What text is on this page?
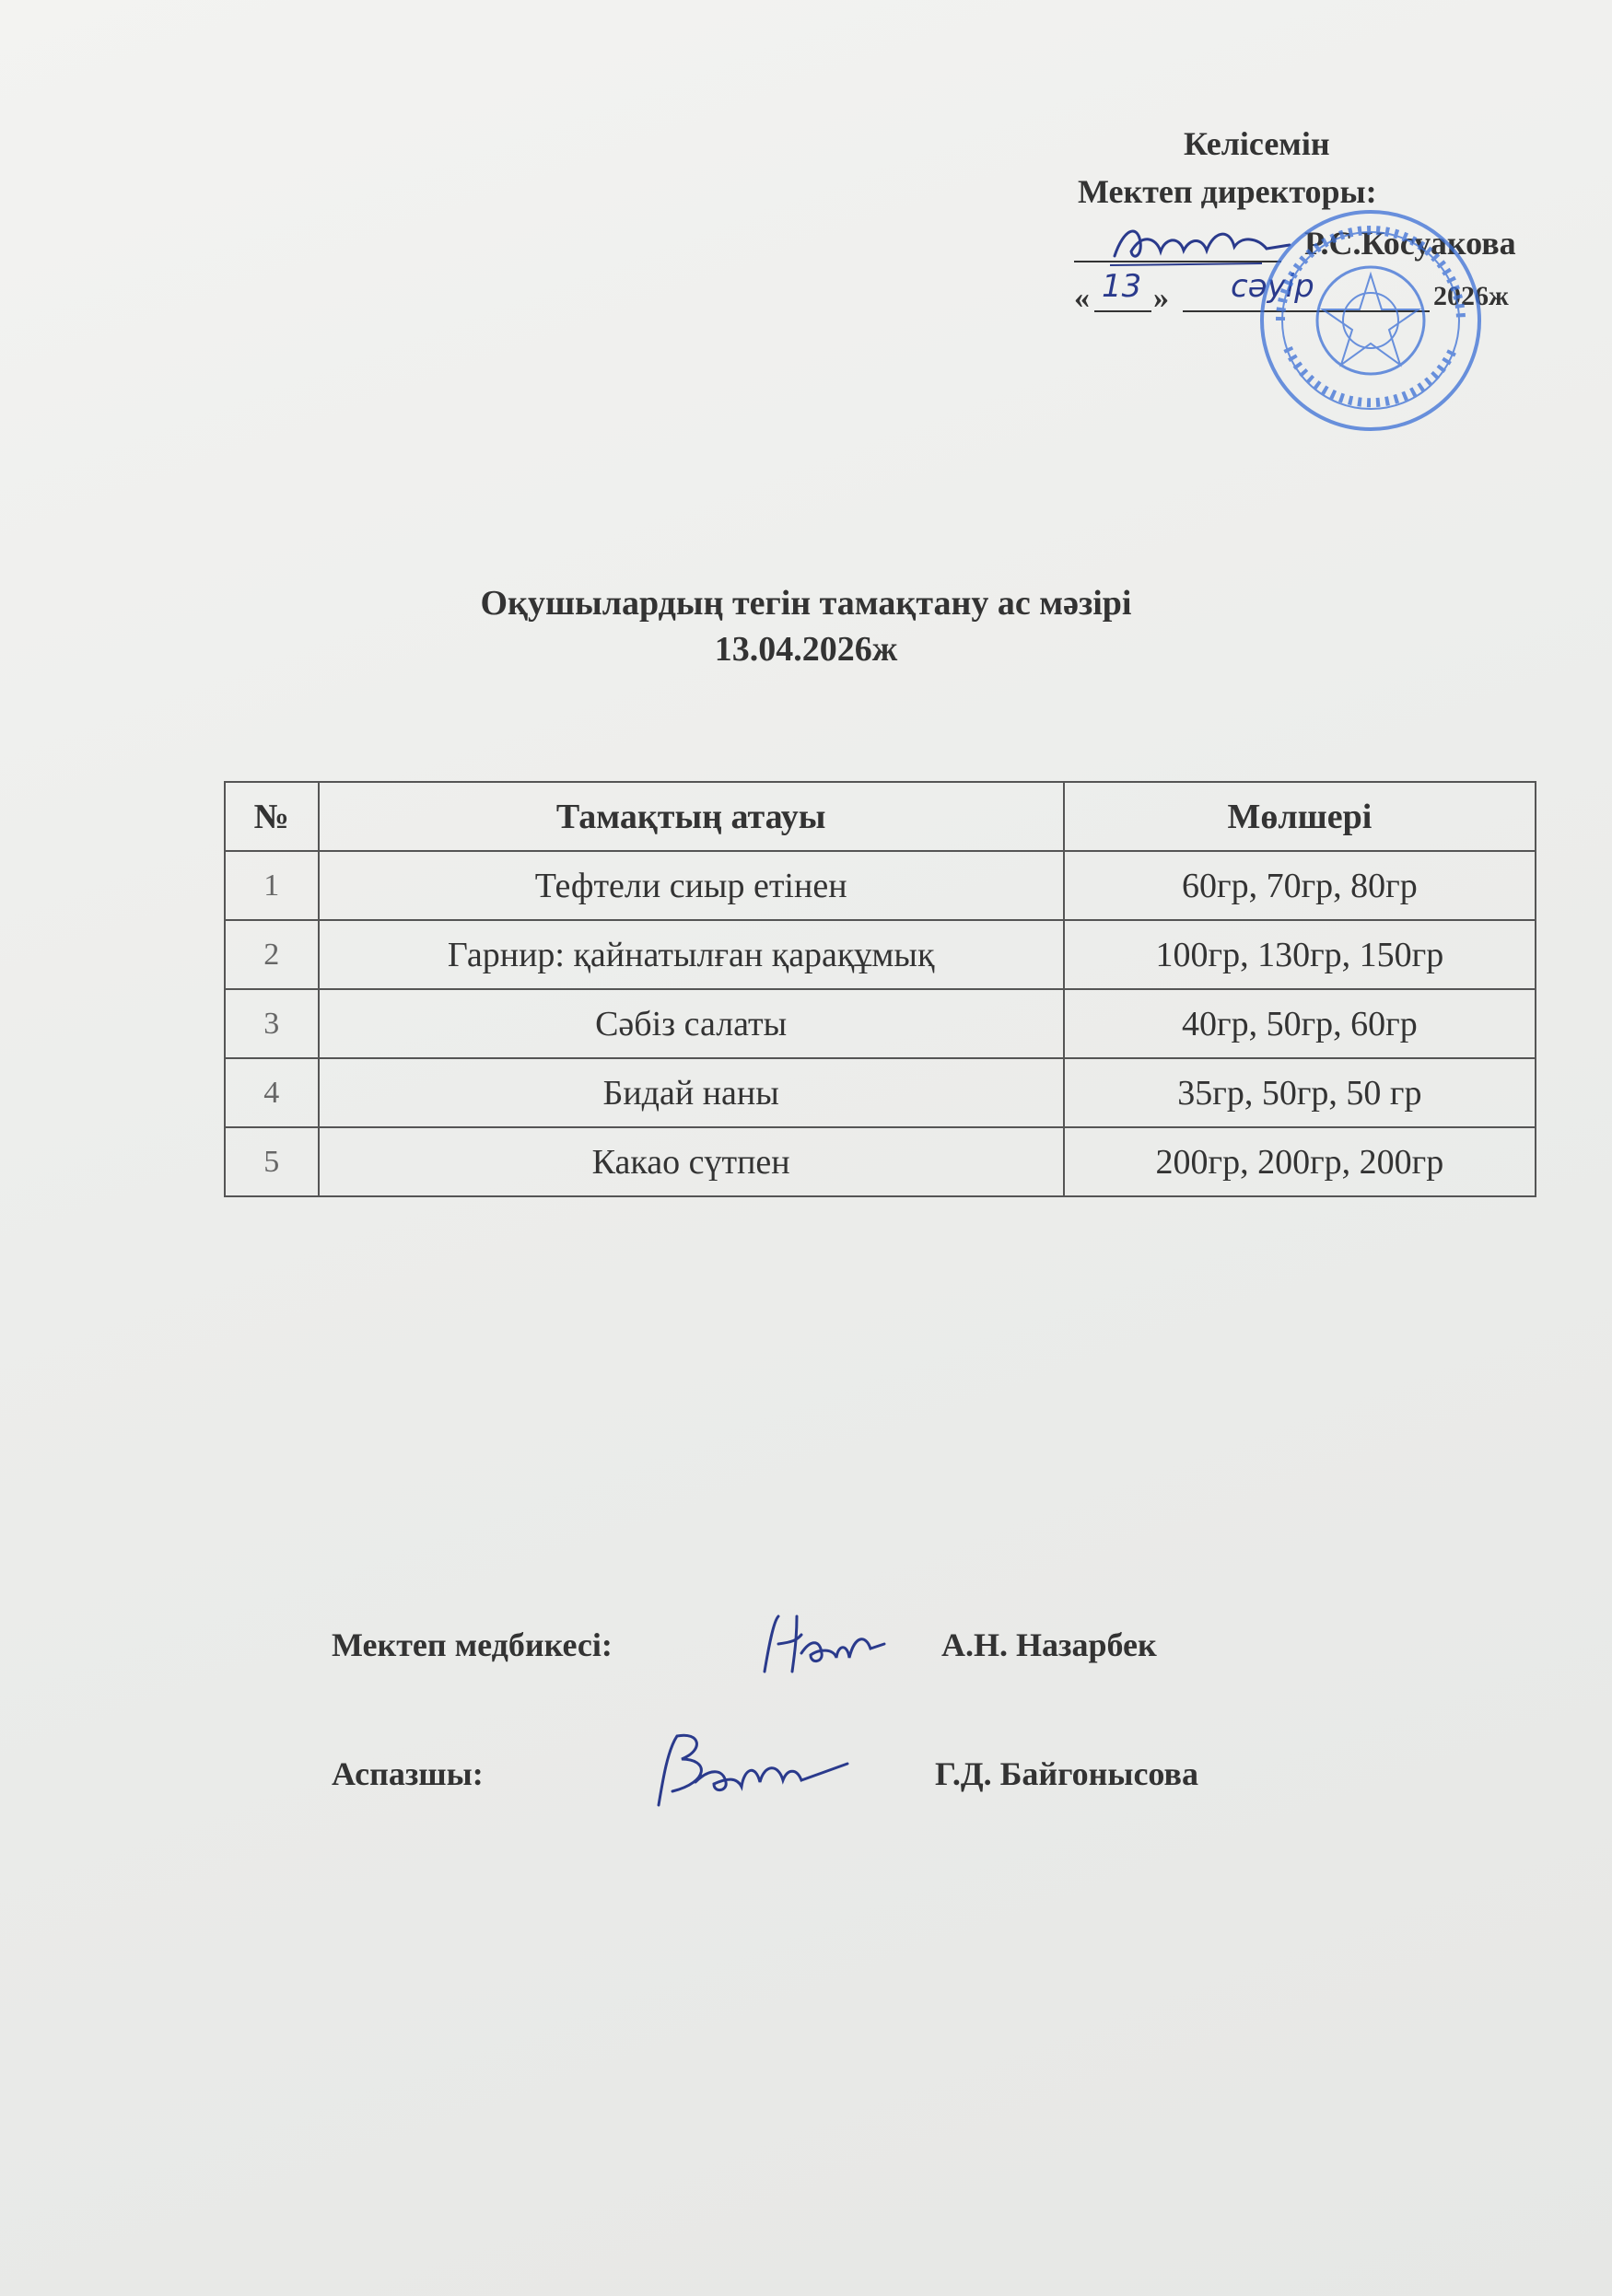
Келісемін
Мектеп директоры:
Р.С.Косуакова
« 13 » сәуір	2026ж
Оқушылардың тегін тамақтану ас мәзірі
13.04.2026ж
№	Тамақтың атауы	Мөлшері
1	Тефтели сиыр етінен	60гр, 70гр, 80гр
2	Гарнир: қайнатылған қарақұмық	100гр, 130гр, 150гр
3	Сәбіз салаты	40гр, 50гр, 60гр
4	Бидай наны	35гр, 50гр, 50 гр
5	Какао сүтпен	200гр, 200гр, 200гр
Мектеп медбикесі:	А.Н. Назарбек
Аспазшы:	Г.Д. Байгонысова
